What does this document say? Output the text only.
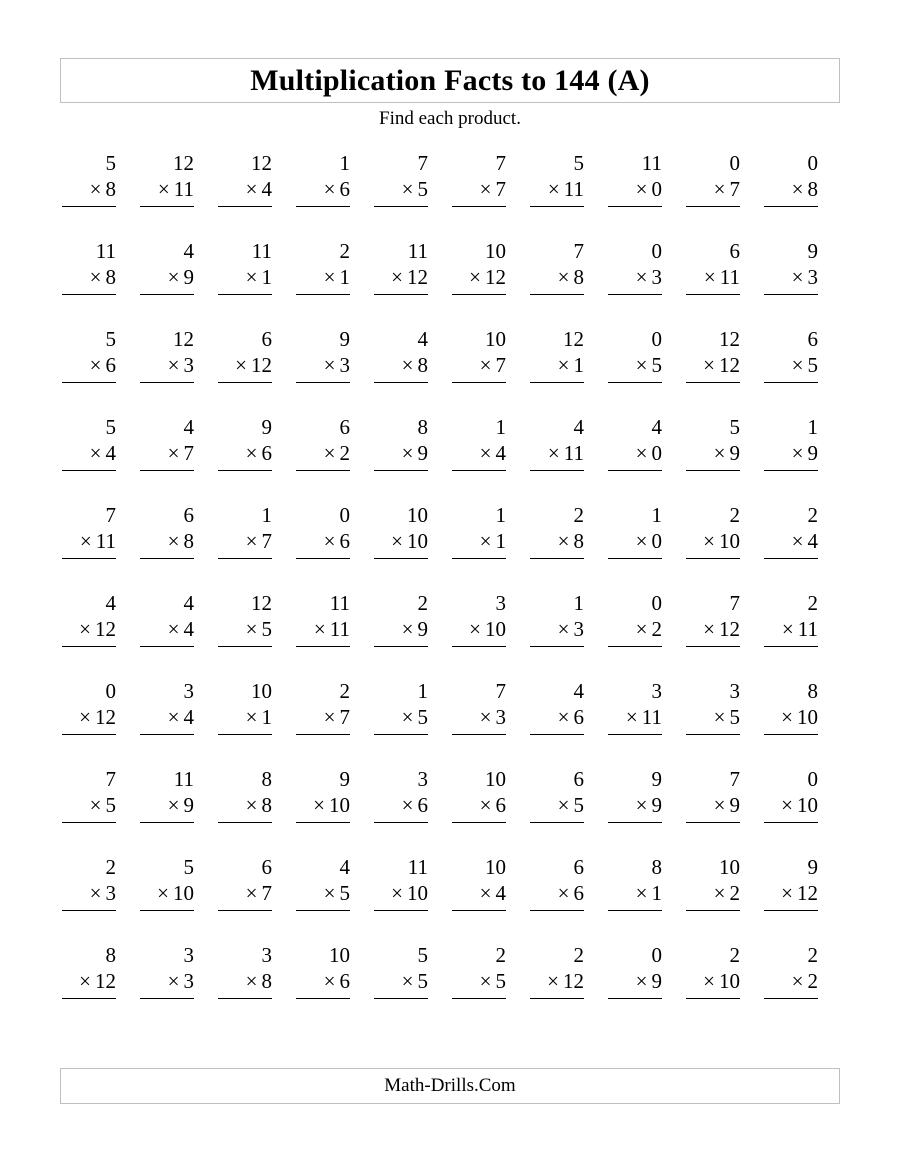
Multiplication Facts to 144 (A)
Find each product.
5
× 8
12
× 11
12
× 4
1
× 6
7
× 5
7
× 7
5
× 11
11
× 0
0
× 7
0
× 8
11
× 8
4
× 9
11
× 1
2
× 1
11
× 12
10
× 12
7
× 8
0
× 3
6
× 11
9
× 3
5
× 6
12
× 3
6
× 12
9
× 3
4
× 8
10
× 7
12
× 1
0
× 5
12
× 12
6
× 5
5
× 4
4
× 7
9
× 6
6
× 2
8
× 9
1
× 4
4
× 11
4
× 0
5
× 9
1
× 9
7
× 11
6
× 8
1
× 7
0
× 6
10
× 10
1
× 1
2
× 8
1
× 0
2
× 10
2
× 4
4
× 12
4
× 4
12
× 5
11
× 11
2
× 9
3
× 10
1
× 3
0
× 2
7
× 12
2
× 11
0
× 12
3
× 4
10
× 1
2
× 7
1
× 5
7
× 3
4
× 6
3
× 11
3
× 5
8
× 10
7
× 5
11
× 9
8
× 8
9
× 10
3
× 6
10
× 6
6
× 5
9
× 9
7
× 9
0
× 10
2
× 3
5
× 10
6
× 7
4
× 5
11
× 10
10
× 4
6
× 6
8
× 1
10
× 2
9
× 12
8
× 12
3
× 3
3
× 8
10
× 6
5
× 5
2
× 5
2
× 12
0
× 9
2
× 10
2
× 2
Math-Drills.Com
